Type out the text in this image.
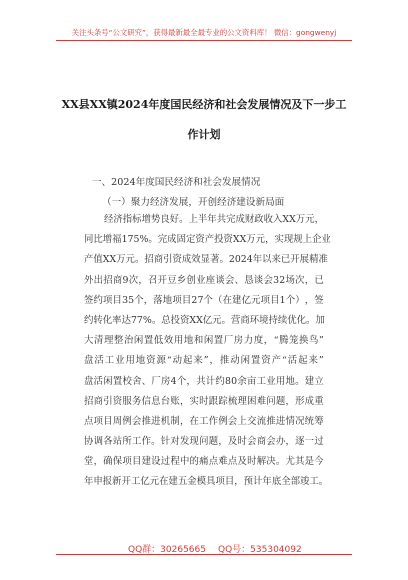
关注头条号“公文研究”，获得最新最全最专业的公文资料库！ 微信：gongwenyj
XX县XX镇2024年度国民经济和社会发展情况及下一步工
作计划
一、2024年度国民经济和社会发展情况
（一）聚力经济发展，开创经济建设新局面
经 济 指 标 增 势 良 好 。 上 半 年 共 完 成 财 政 收 入 X X 万 元 ，
同 比 增 福 1 7 5 % 。 完 成 固 定 资 产 投 资 X X 万 元 ， 实 现 规 上 企 业
产 值 X X 万 元 。 招 商 引 资 成 效 显 著 。 2 0 2 4 年 以 来 已 开 展 精 准
外 出 招 商 9 次 ， 召 开 豆 乡 创 业 座 谈 会 、 恳 谈 会 3 2 场 次 ， 已
签 约 项 目 3 5 个 ， 落 地 项 目 2 7 个 （ 在 建 亿 元 项 目 1 个 ） ， 签
约 转 化 率 达 7 7 % 。 总 投 资 X X 亿 元 。 营 商 环 境 持 续 优 化 。 加
大 清 理 整 治 闲 置 低 效 用 地 和 闲 置 厂 房 力 度 ， “ 腾 笼 换 鸟 ”
盘 活 工 业 用 地 资 源 “ 动 起 来 ” ， 推 动 闲 置 资 产 “ 活 起 来 ”
盘 活 闲 置 校 舍 、 厂 房 4 个 ， 共 计 约 8 0 余 亩 工 业 用 地 。 建 立
招 商 引 资 服 务 信 息 台 账 ， 实 时 跟 踪 梳 理 困 难 问 题 ， 形 成 重
点 项 目 周 例 会 推 进 机 制 ， 在 工 作 例 会 上 交 流 推 进 情 况 统 筹
协 调 各 站 所 工 作 。 针 对 发 现 问 题 ， 及 时 会 商 会 办 ， 逐 一 过
堂 ， 确 保 项 目 建 设 过 程 中 的 痛 点 难 点 及 时 解 决 。 尤 其 是 今
年 申 报 新 开 工 亿 元 在 建 五 金 模 具 项 目 ， 预 计 年 底 全 部 竣 工 。
QQ群：30265665 QQ号：535304092
